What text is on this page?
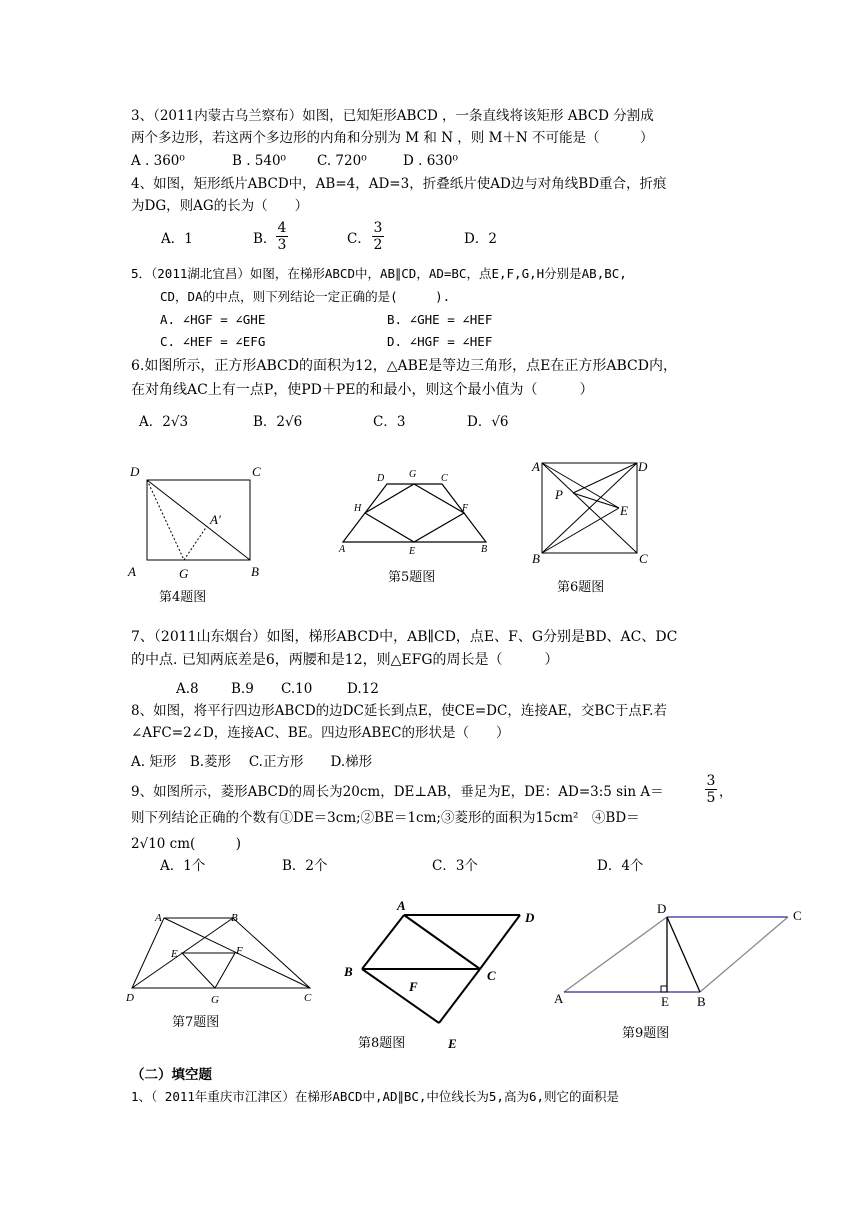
3、（2011内蒙古乌兰察布）如图，已知矩形ABCD ，一条直线将该矩形 ABCD 分割成
两个多边形，若这两个多边形的内角和分别为 M 和 N ，则 M＋N 不可能是（　　　）
A . 360⁰	B . 540⁰ C. 720⁰	D . 630⁰
4、如图，矩形纸片ABCD中，AB=4，AD=3，折叠纸片使AD边与对角线BD重合，折痕
为DG，则AG的长为（　　）
A．1	B． $\frac{4}{3}$	C． $\frac{3}{2}$	D．2
5．（2011湖北宜昌）如图，在梯形ABCD中，AB∥CD，AD=BC，点E,F,G,H分别是AB,BC,
CD，DA的中点，则下列结论一定正确的是(　　　).
A. ∠HGF = ∠GHE	B. ∠GHE = ∠HEF
C. ∠HEF = ∠EFG	D. ∠HGF = ∠HEF
6.如图所示，正方形ABCD的面积为12，△ABE是等边三角形，点E在正方形ABCD内，
在对角线AC上有一点P，使PD＋PE的和最小，则这个最小值为（　　　）
A．2√3	B．2√6	C．3	D．√6
D	C
A	G	B
A′
第4题图
D G C
H	F
A	E	B
第5题图
A	D
P
E
B	C
第6题图
7、（2011山东烟台）如图，梯形ABCD中，AB∥CD，点E、F、G分别是BD、AC、DC
的中点. 已知两底差是6，两腰和是12，则△EFG的周长是（　　　）
A.8 B.9 C.10	D.12
8、如图，将平行四边形ABCD的边DC延长到点E，使CE=DC，连接AE，交BC于点F.若
∠AFC=2∠D，连接AC、BE。四边形ABEC的形状是（　　）
A. 矩形　B.菱形　 C.正方形　　D.梯形
9、如图所示，菱形ABCD的周长为20cm，DE⊥AB，垂足为E，DE：AD=3:5 sin A＝	$\frac{3}{5}$ ，
则下列结论正确的个数有①DE＝3cm;②BE＝1cm;③菱形的面积为15cm²　④BD＝
2√10 cm(　　　)
A．1个	B．2个	C．3个	D．4个
A	B
E	F
D	G	C
第7题图
A
D
B
F
C
E
第8题图
D	C
A	E B
第9题图
（二）填空题
1、（ 2011年重庆市江津区）在梯形ABCD中,AD∥BC,中位线长为5,高为6,则它的面积是
